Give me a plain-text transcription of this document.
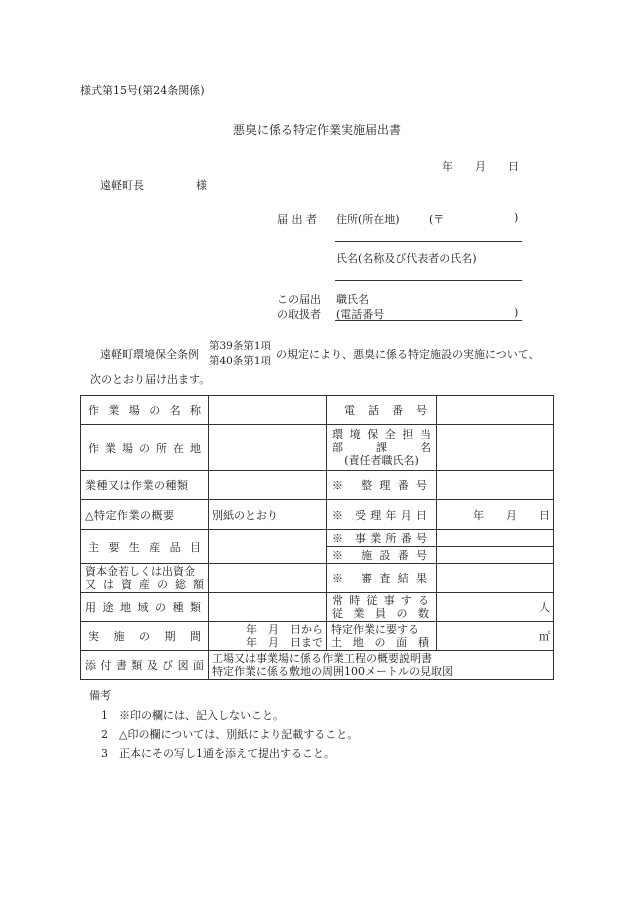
様式第15号(第24条関係)
悪臭に係る特定作業実施届出書
年　　月　　日
遠軽町長	様
届 出 者 住所(所在地)	(〒	)
氏名(名称及び代表者の氏名)
この届出
の取扱者
職氏名
(電話番号	)
遠軽町環境保全条例
第39条第1項
第40条第1項 の規定により、悪臭に係る特定施設の実施について、
次のとおり届け出ます。
作業場の名称		電話番号	

作業場の所在地		環境保全担当
部 課 名
(責任者職氏名)	

業種又は作業の種類		※ 整理番号	

△特定作業の概要	別紙のとおり	※ 受理年月日	年　　月　　日

主要生産品目		※ 事業所番号	

		※ 施設番号	

資本金若しくは出資金
又は資産の総額		※ 審査結果	

用途地域の種類		常時従事する
従業員の数	人

実施の期間	年　月　日から
年　月　日まで	特定作業に要する
土地の面積	㎡

添付書類及び図面	工場又は事業場に係る作業工程の概要説明書
特定作業に係る敷地の周囲100メートルの見取図		
備考
1　※印の欄には、記入しないこと。
2　△印の欄については、別紙により記載すること。
3　正本にその写し1通を添えて提出すること。
